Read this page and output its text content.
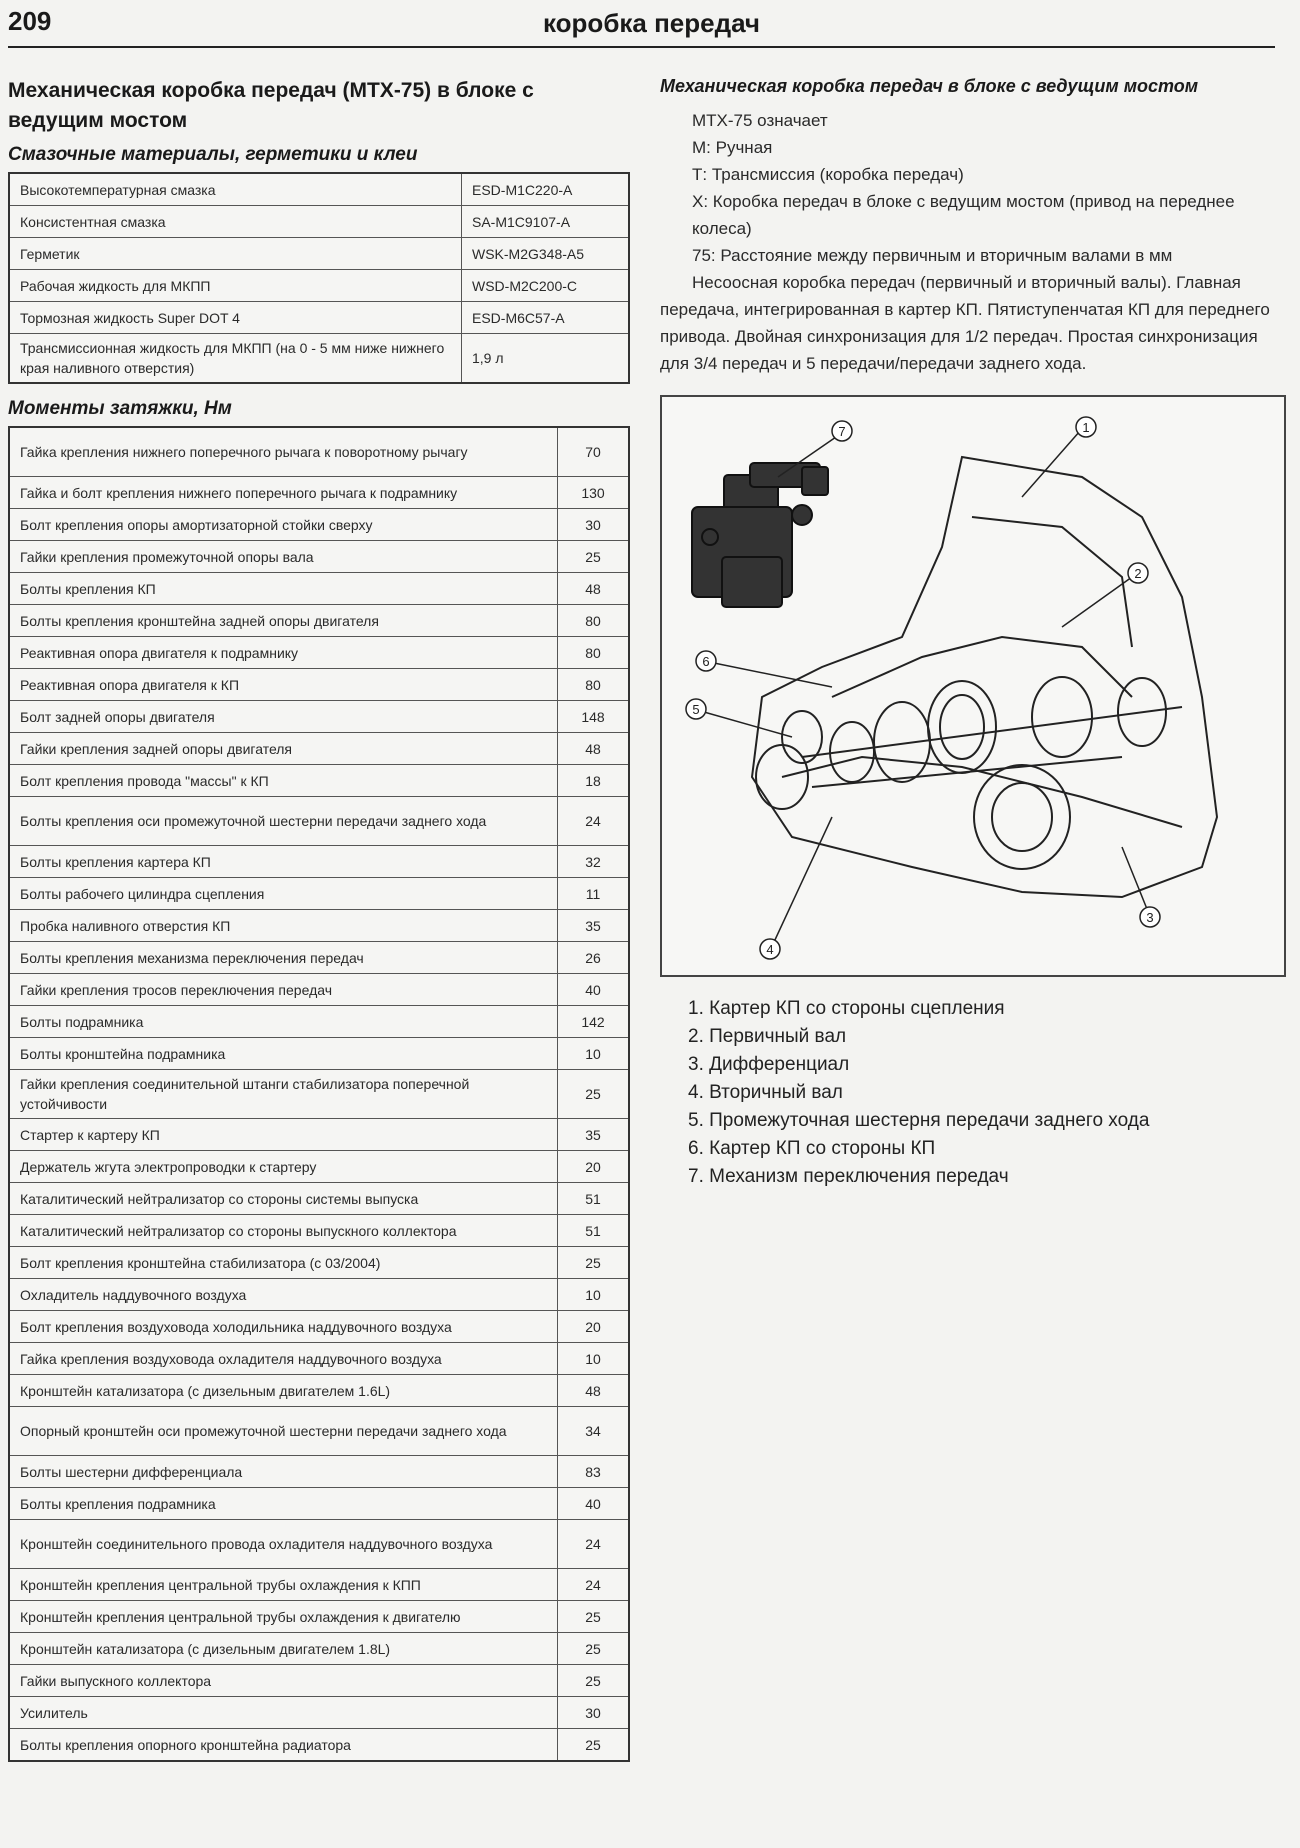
209	коробка передач
Механическая коробка передач (МТХ-75) в блоке с ведущим мостом
Смазочные материалы, герметики и клеи
Высокотемпературная смазка	ESD-M1C220-A
Консистентная смазка	SA-M1C9107-A
Герметик	WSK-M2G348-A5
Рабочая жидкость для МКПП	WSD-M2C200-C
Тормозная жидкость Super DOT 4	ESD-M6C57-A
Трансмиссионная жидкость для МКПП (на 0 - 5 мм ниже нижнего края наливного отверстия)	1,9 л
Моменты затяжки, Нм
Гайка крепления нижнего поперечного рычага к поворотному рычагу	70
Гайка и болт крепления нижнего поперечного рычага к подрамнику	130
Болт крепления опоры амортизаторной стойки сверху	30
Гайки крепления промежуточной опоры вала	25
Болты крепления КП	48
Болты крепления кронштейна задней опоры двигателя	80
Реактивная опора двигателя к подрамнику	80
Реактивная опора двигателя к КП	80
Болт задней опоры двигателя	148
Гайки крепления задней опоры двигателя	48
Болт крепления провода "массы" к КП	18
Болты крепления оси промежуточной шестерни передачи заднего хода	24
Болты крепления картера КП	32
Болты рабочего цилиндра сцепления	11
Пробка наливного отверстия КП	35
Болты крепления механизма переключения передач	26
Гайки крепления тросов переключения передач	40
Болты подрамника	142
Болты кронштейна подрамника	10
Гайки крепления соединительной штанги стабилизатора поперечной устойчивости	25
Стартер к картеру КП	35
Держатель жгута электропроводки к стартеру	20
Каталитический нейтрализатор со стороны системы выпуска	51
Каталитический нейтрализатор со стороны выпускного коллектора	51
Болт крепления кронштейна стабилизатора (с 03/2004)	25
Охладитель наддувочного воздуха	10
Болт крепления воздуховода холодильника наддувочного воздуха	20
Гайка крепления воздуховода охладителя наддувочного воздуха	10
Кронштейн катализатора (с дизельным двигателем 1.6L)	48
Опорный кронштейн оси промежуточной шестерни передачи заднего хода	34
Болты шестерни дифференциала	83
Болты крепления подрамника	40
Кронштейн соединительного провода охладителя наддувочного воздуха	24
Кронштейн крепления центральной трубы охлаждения к КПП	24
Кронштейн крепления центральной трубы охлаждения к двигателю	25
Кронштейн катализатора (с дизельным двигателем 1.8L)	25
Гайки выпускного коллектора	25
Усилитель	30
Болты крепления опорного кронштейна радиатора	25
Механическая коробка передач в блоке с ведущим мостом

МТХ-75 означает

М: Ручная

Т: Трансмиссия (коробка передач)

Х: Коробка передач в блоке с ведущим мостом (привод на переднее колеса)

75: Расстояние между первичным и вторичным валами в мм

Несоосная коробка передач (первичный и вторичный валы). Главная передача, интегрированная в картер КП. Пятиступенчатая КП для переднего привода. Двойная синхронизация для 1/2 передач. Простая синхронизация для 3/4 передач и 5 передачи/передачи заднего хода.

7	1
2
6
5
3
4
1. Картер КП со стороны сцепления
2. Первичный вал
3. Дифференциал
4. Вторичный вал
5. Промежуточная шестерня передачи заднего хода
6. Картер КП со стороны КП
7. Механизм переключения передач
